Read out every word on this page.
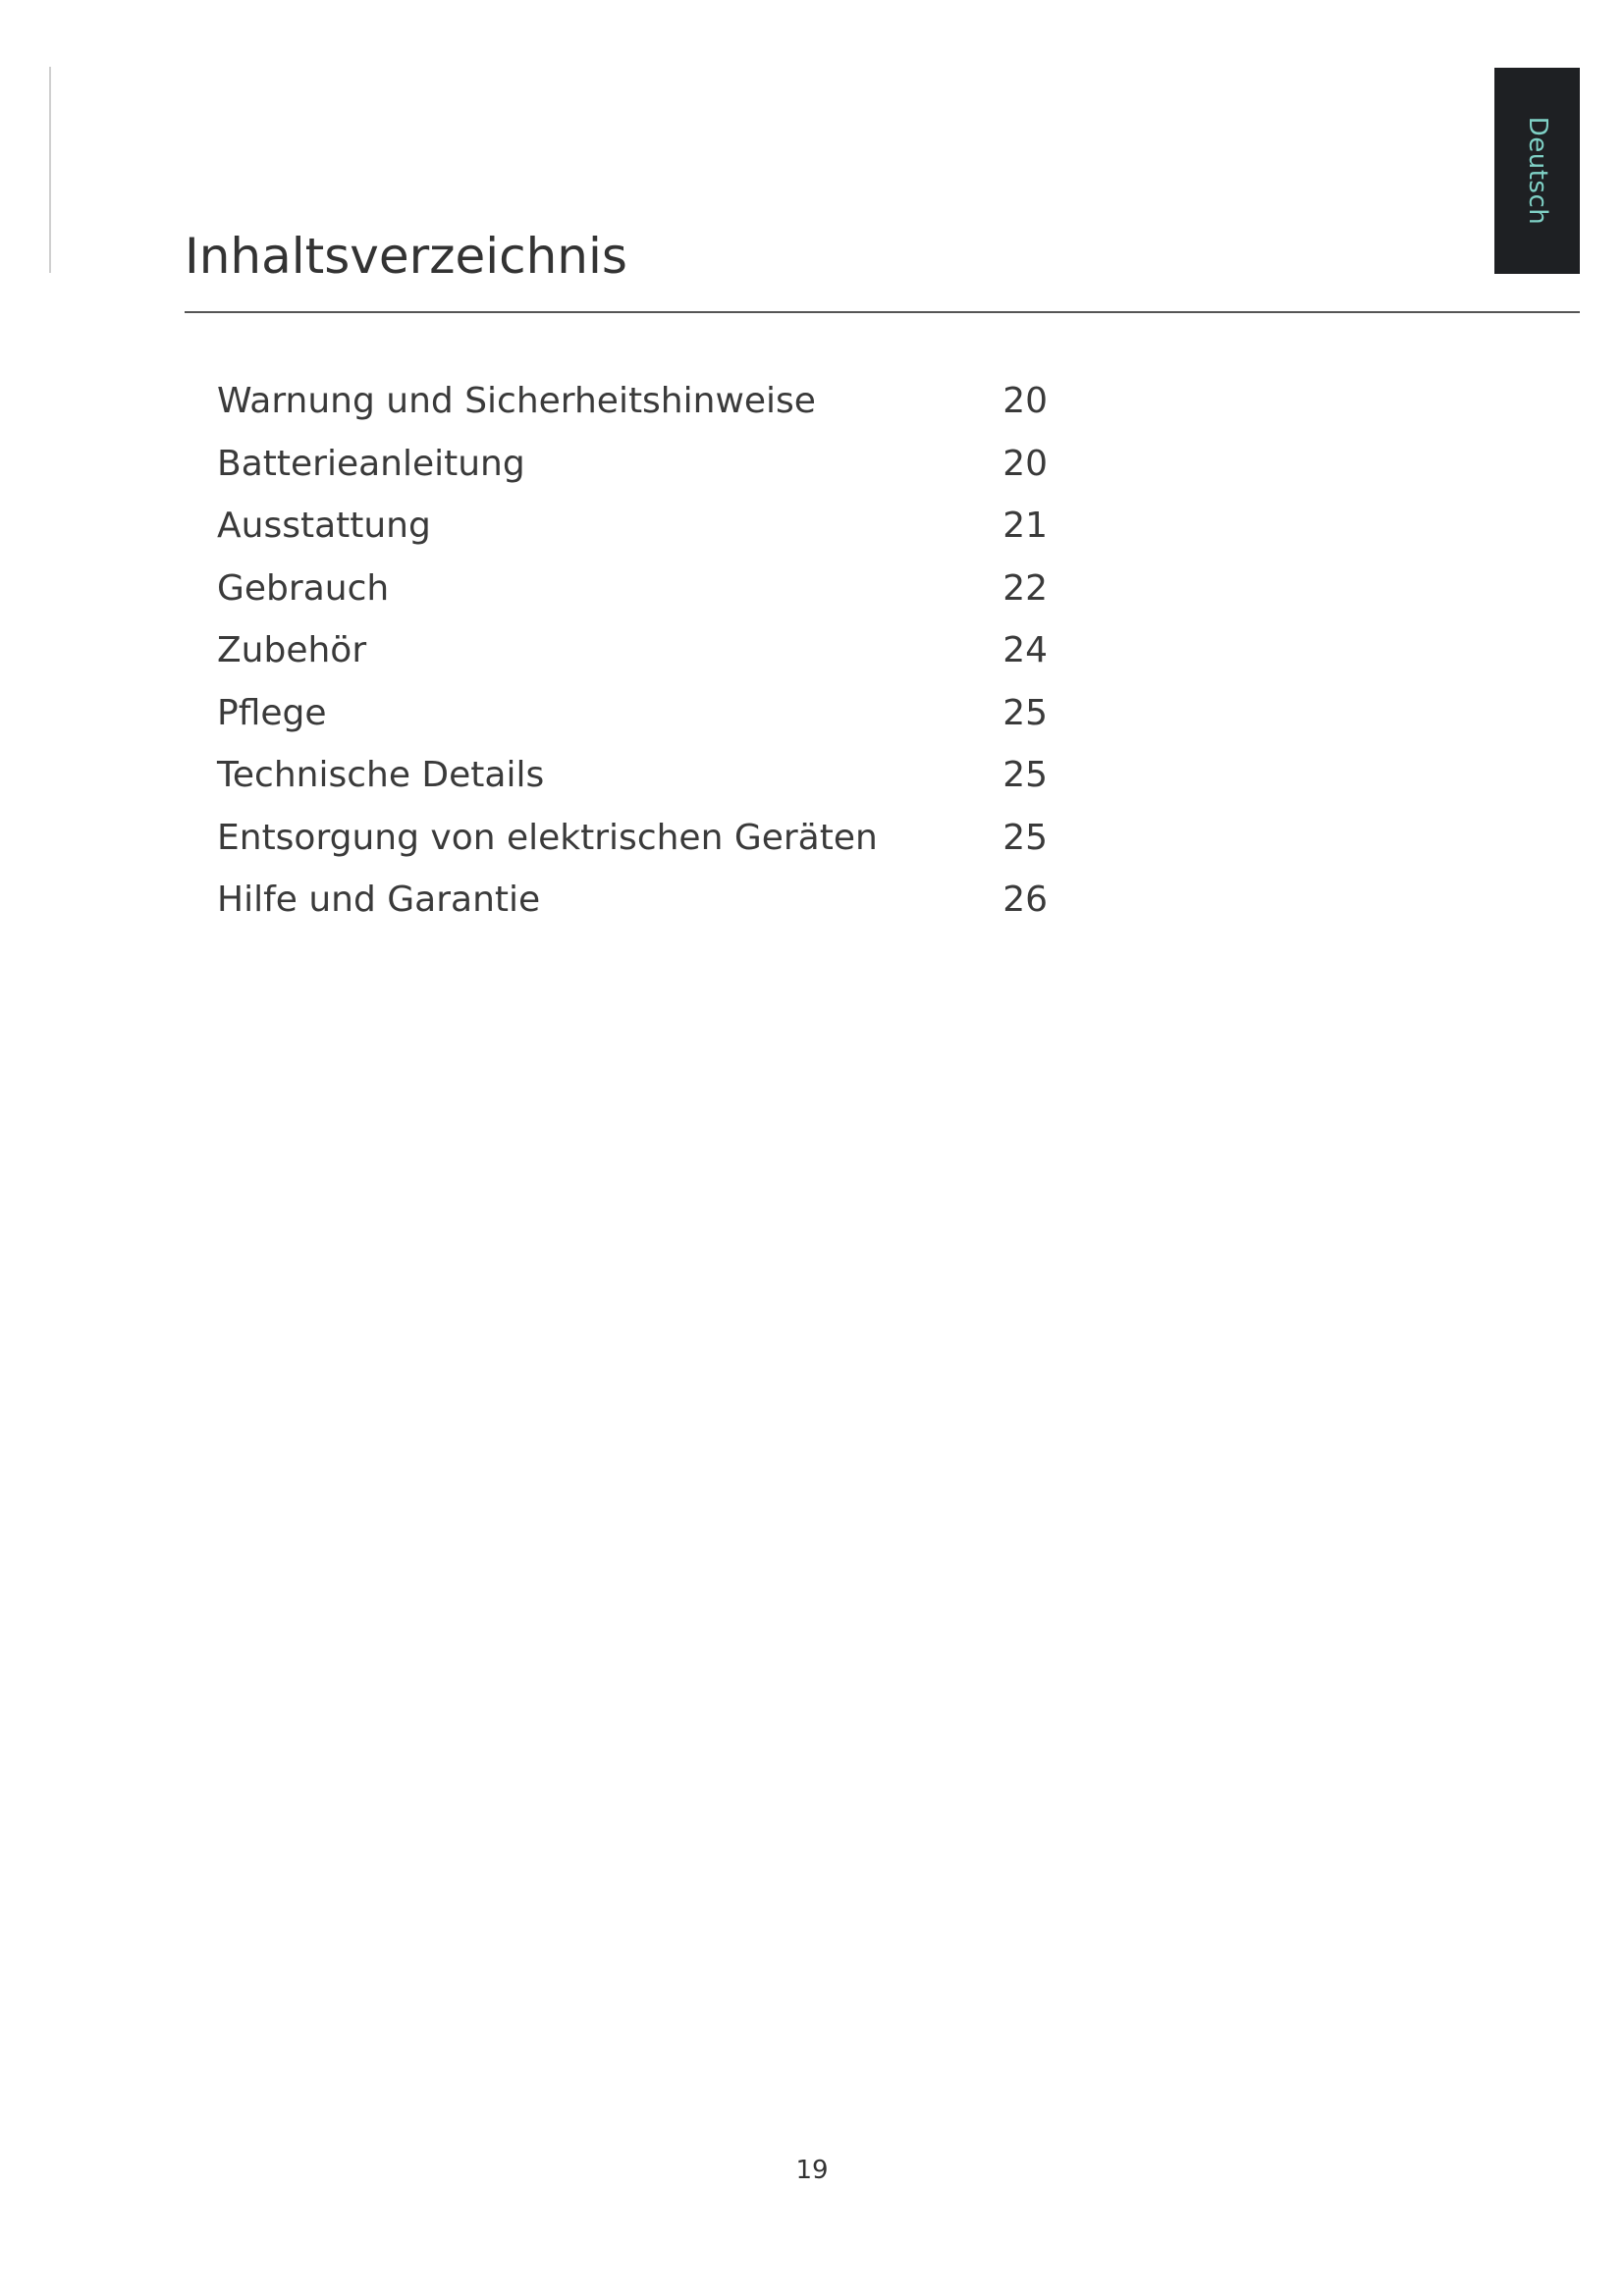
Deutsch
Inhaltsverzeichnis
Warnung und Sicherheitshinweise	20
Batterieanleitung	20
Ausstattung	21
Gebrauch	22
Zubehör	24
Pflege	25
Technische Details	25
Entsorgung von elektrischen Geräten	25
Hilfe und Garantie	26
19
